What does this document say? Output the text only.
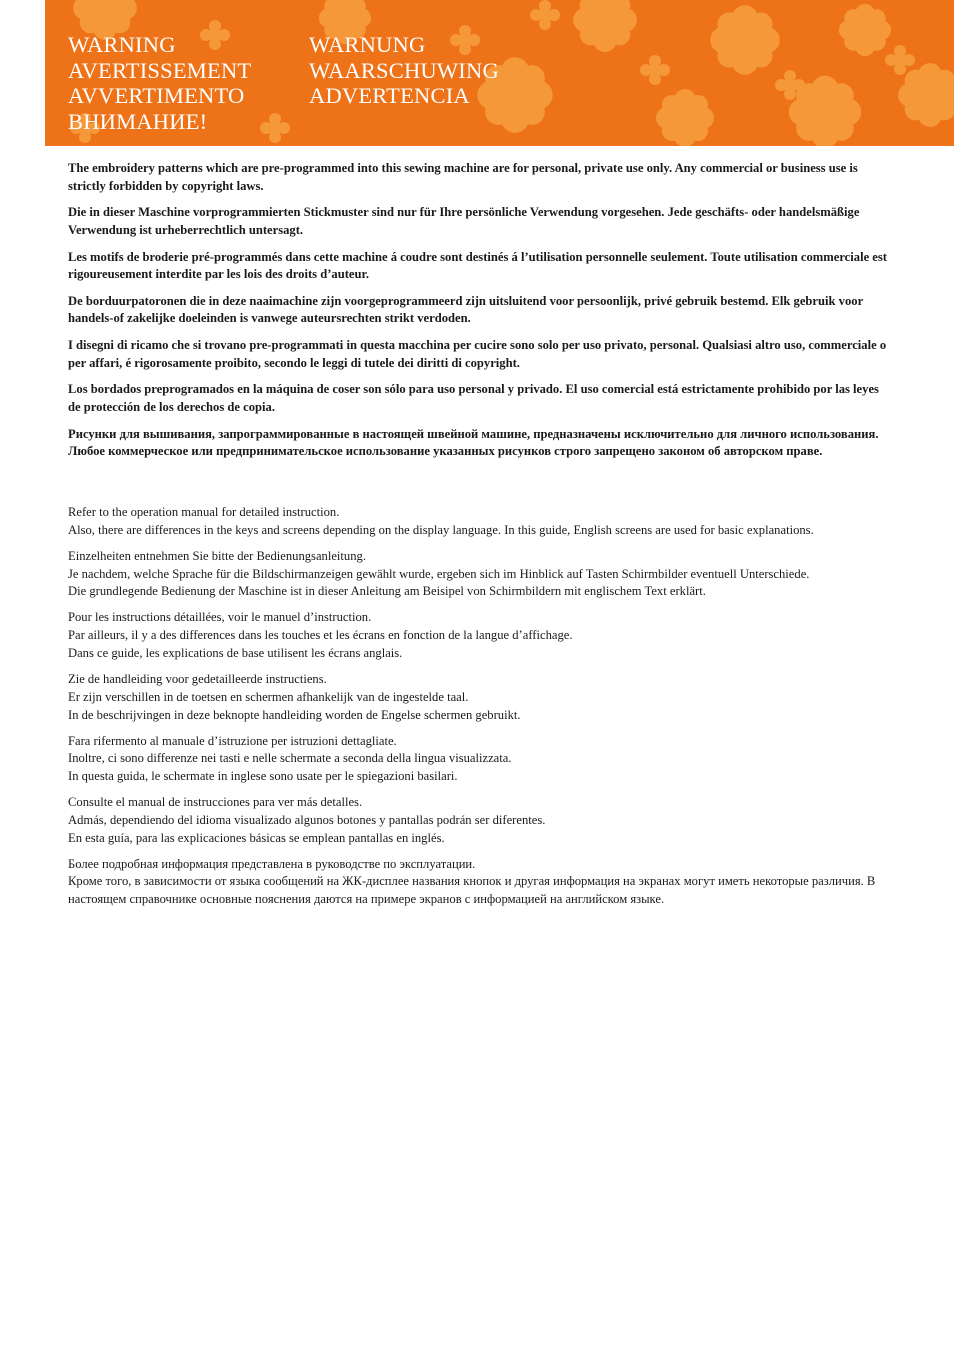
WARNING
AVERTISSEMENT
AVVERTIMENTO
ВНИМАНИЕ!
WARNUNG
WAARSCHUWING
ADVERTENCIA

The embroidery patterns which are pre-programmed into this sewing machine are for personal, private use only. Any commercial or business use is strictly forbidden by copyright laws.

Die in dieser Maschine vorprogrammierten Stickmuster sind nur für Ihre persönliche Verwendung vorgesehen. Jede geschäfts- oder handelsmäßige Verwendung ist urheberrechtlich untersagt.

Les motifs de broderie pré-programmés dans cette machine á coudre sont destinés á l’utilisation personnelle seulement. Toute utilisation commerciale est rigoureusement interdite par les lois des droits d’auteur.

De borduurpatoronen die in deze naaimachine zijn voorgeprogrammeerd zijn uitsluitend voor persoonlijk, privé gebruik bestemd. Elk gebruik voor handels-of zakelijke doeleinden is vanwege auteursrechten strikt verdoden.

I disegni di ricamo che si trovano pre-programmati in questa macchina per cucire sono solo per uso privato, personal. Qualsiasi altro uso, commerciale o per affari, é rigorosamente proibito, secondo le leggi di tutele dei diritti di copyright.

Los bordados preprogramados en la máquina de coser son sólo para uso personal y privado. El uso comercial está estrictamente prohibido por las leyes de protección de los derechos de copia.

Рисунки для вышивания, запрограммированные в настоящей швейной машине, предназначены исключительно для личного использования. Любое коммерческое или предпринимательское использование указанных рисунков строго запрещено законом об авторском праве.

Refer to the operation manual for detailed instruction.
Also, there are differences in the keys and screens depending on the display language. In this guide, English screens are used for basic explanations.
Einzelheiten entnehmen Sie bitte der Bedienungsanleitung.
Je nachdem, welche Sprache für die Bildschirmanzeigen gewählt wurde, ergeben sich im Hinblick auf Tasten Schirmbilder eventuell Unterschiede.
Die grundlegende Bedienung der Maschine ist in dieser Anleitung am Beisipel von Schirmbildern mit englischem Text erklärt.
Pour les instructions détaillées, voir le manuel d’instruction.
Par ailleurs, il y a des differences dans les touches et les écrans en fonction de la langue d’affichage.
Dans ce guide, les explications de base utilisent les écrans anglais.
Zie de handleiding voor gedetailleerde instructiens.
Er zijn verschillen in de toetsen en schermen afhankelijk van de ingestelde taal.
In de beschrijvingen in deze beknopte handleiding worden de Engelse schermen gebruikt.
Fara rifermento al manuale d’istruzione per istruzioni dettagliate.
Inoltre, ci sono differenze nei tasti e nelle schermate a seconda della lingua visualizzata.
In questa guida, le schermate in inglese sono usate per le spiegazioni basilari.
Consulte el manual de instrucciones para ver más detalles.
Admás, dependiendo del idioma visualizado algunos botones y pantallas podrán ser diferentes.
En esta guía, para las explicaciones básicas se emplean pantallas en inglés.
Более подробная информация представлена в руководстве по эксплуатации.
Кроме того, в зависимости от языка сообщений на ЖК-дисплее названия кнопок и другая информация на экранах могут иметь некоторые различия. В настоящем справочнике основные пояснения даются на примере экранов с информацией на английском языке.
